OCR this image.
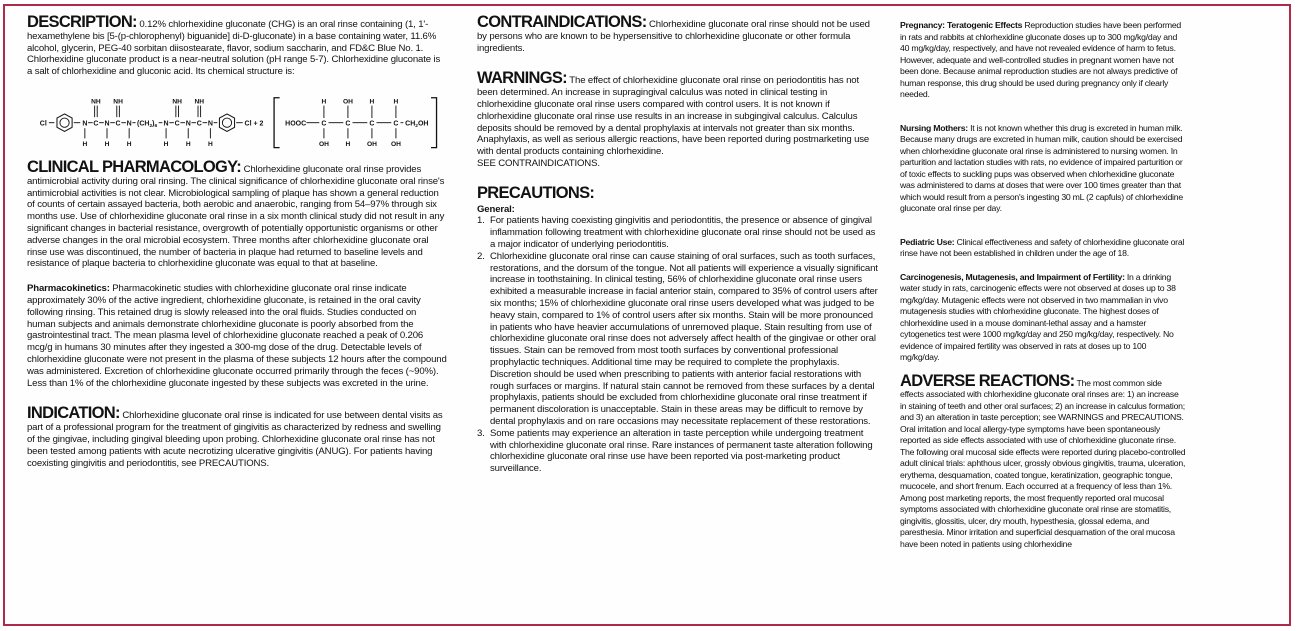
DESCRIPTION: 0.12% chlorhexidine gluconate (CHG) is an oral rinse containing (1, 1'-hexamethylene bis [5-(p-chlorophenyl) biguanide] di-D-gluconate) in a base containing water, 11.6% alcohol, glycerin, PEG-40 sorbitan diisostearate, flavor, sodium saccharin, and FD&C Blue No. 1. Chlorhexidine gluconate product is a near-neutral solution (pH range 5-7). Chlorhexidine gluconate is a salt of chlorhexidine and gluconic acid. Its chemical structure is:

Cl	N C N C N $(CH_2)_6$ N C N C N	Cl + 2
NH NH	NH NH
H H H	H H H
HOOC C C C C $CH_2OH$
H OH H	H
OH H OH OH

CLINICAL PHARMACOLOGY: Chlorhexidine gluconate oral rinse provides antimicrobial activity during oral rinsing. The clinical significance of chlorhexidine gluconate oral rinse's antimicrobial activities is not clear. Microbiological sampling of plaque has shown a general reduction of counts of certain assayed bacteria, both aerobic and anaerobic, ranging from 54–97% through six months use. Use of chlorhexidine gluconate oral rinse in a six month clinical study did not result in any significant changes in bacterial resistance, overgrowth of potentially opportunistic organisms or other adverse changes in the oral microbial ecosystem. Three months after chlorhexidine gluconate oral rinse use was discontinued, the number of bacteria in plaque had returned to baseline levels and resistance of plaque bacteria to chlorhexidine gluconate was equal to that at baseline.

Pharmacokinetics: Pharmacokinetic studies with chlorhexidine gluconate oral rinse indicate approximately 30% of the active ingredient, chlorhexidine gluconate, is retained in the oral cavity following rinsing. This retained drug is slowly released into the oral fluids. Studies conducted on human subjects and animals demonstrate chlorhexidine gluconate is poorly absorbed from the gastrointestinal tract. The mean plasma level of chlorhexidine gluconate reached a peak of 0.206 mcg/g in humans 30 minutes after they ingested a 300-mg dose of the drug. Detectable levels of chlorhexidine gluconate were not present in the plasma of these subjects 12 hours after the compound was administered. Excretion of chlorhexidine gluconate occurred primarily through the feces (~90%). Less than 1% of the chlorhexidine gluconate ingested by these subjects was excreted in the urine.

INDICATION: Chlorhexidine gluconate oral rinse is indicated for use between dental visits as part of a professional program for the treatment of gingivitis as characterized by redness and swelling of the gingivae, including gingival bleeding upon probing. Chlorhexidine gluconate oral rinse has not been tested among patients with acute necrotizing ulcerative gingivitis (ANUG). For patients having coexisting gingivitis and periodontitis, see PRECAUTIONS.

CONTRAINDICATIONS: Chlorhexidine gluconate oral rinse should not be used by persons who are known to be hypersensitive to chlorhexidine gluconate or other formula ingredients.

WARNINGS: The effect of chlorhexidine gluconate oral rinse on periodontitis has not been determined. An increase in supragingival calculus was noted in clinical testing in chlorhexidine gluconate oral rinse users compared with control users. It is not known if chlorhexidine gluconate oral rinse use results in an increase in subgingival calculus. Calculus deposits should be removed by a dental prophylaxis at intervals not greater than six months. Anaphylaxis, as well as serious allergic reactions, have been reported during postmarketing use with dental products containing chlorhexidine.
SEE CONTRAINDICATIONS.

PRECAUTIONS:

General:

1. For patients having coexisting gingivitis and periodontitis, the presence or absence of gingival inflammation following treatment with chlorhexidine gluconate oral rinse should not be used as a major indicator of underlying periodontitis.
2. Chlorhexidine gluconate oral rinse can cause staining of oral surfaces, such as tooth surfaces, restorations, and the dorsum of the tongue. Not all patients will experience a visually significant increase in toothstaining. In clinical testing, 56% of chlorhexidine gluconate oral rinse users exhibited a measurable increase in facial anterior stain, compared to 35% of control users after six months; 15% of chlorhexidine gluconate oral rinse users developed what was judged to be heavy stain, compared to 1% of control users after six months. Stain will be more pronounced in patients who have heavier accumulations of unremoved plaque. Stain resulting from use of chlorhexidine gluconate oral rinse does not adversely affect health of the gingivae or other oral tissues. Stain can be removed from most tooth surfaces by conventional professional prophylactic techniques. Additional time may be required to complete the prophylaxis. Discretion should be used when prescribing to patients with anterior facial restorations with rough surfaces or margins. If natural stain cannot be removed from these surfaces by a dental prophylaxis, patients should be excluded from chlorhexidine gluconate oral rinse treatment if permanent discoloration is unacceptable. Stain in these areas may be difficult to remove by dental prophylaxis and on rare occasions may necessitate replacement of these restorations.
3. Some patients may experience an alteration in taste perception while undergoing treatment with chlorhexidine gluconate oral rinse. Rare instances of permanent taste alteration following chlorhexidine gluconate oral rinse use have been reported via post-marketing product surveillance.

Pregnancy: Teratogenic Effects Reproduction studies have been performed in rats and rabbits at chlorhexidine gluconate doses up to 300 mg/kg/day and 40 mg/kg/day, respectively, and have not revealed evidence of harm to fetus. However, adequate and well-controlled studies in pregnant women have not been done. Because animal reproduction studies are not always predictive of human response, this drug should be used during pregnancy only if clearly needed.

Nursing Mothers: It is not known whether this drug is excreted in human milk. Because many drugs are excreted in human milk, caution should be exercised when chlorhexidine gluconate oral rinse is administered to nursing women. In parturition and lactation studies with rats, no evidence of impaired parturition or of toxic effects to suckling pups was observed when chlorhexidine gluconate was administered to dams at doses that were over 100 times greater than that which would result from a person's ingesting 30 mL (2 capfuls) of chlorhexidine gluconate oral rinse per day.

Pediatric Use: Clinical effectiveness and safety of chlorhexidine gluconate oral rinse have not been established in children under the age of 18.

Carcinogenesis, Mutagenesis, and Impairment of Fertility: In a drinking water study in rats, carcinogenic effects were not observed at doses up to 38 mg/kg/day. Mutagenic effects were not observed in two mammalian in vivo mutagenesis studies with chlorhexidine gluconate. The highest doses of chlorhexidine used in a mouse dominant-lethal assay and a hamster cytogenetics test were 1000 mg/kg/day and 250 mg/kg/day, respectively. No evidence of impaired fertility was observed in rats at doses up to 100 mg/kg/day.

ADVERSE REACTIONS: The most common side effects associated with chlorhexidine gluconate oral rinses are: 1) an increase in staining of teeth and other oral surfaces; 2) an increase in calculus formation; and 3) an alteration in taste perception; see WARNINGS and PRECAUTIONS. Oral irritation and local allergy-type symptoms have been spontaneously reported as side effects associated with use of chlorhexidine gluconate rinse. The following oral mucosal side effects were reported during placebo-controlled adult clinical trials: aphthous ulcer, grossly obvious gingivitis, trauma, ulceration, erythema, desquamation, coated tongue, keratinization, geographic tongue, mucocele, and short frenum. Each occurred at a frequency of less than 1%. Among post marketing reports, the most frequently reported oral mucosal symptoms associated with chlorhexidine gluconate oral rinse are stomatitis, gingivitis, glossitis, ulcer, dry mouth, hypesthesia, glossal edema, and paresthesia. Minor irritation and superficial desquamation of the oral mucosa have been noted in patients using chlorhexidine
